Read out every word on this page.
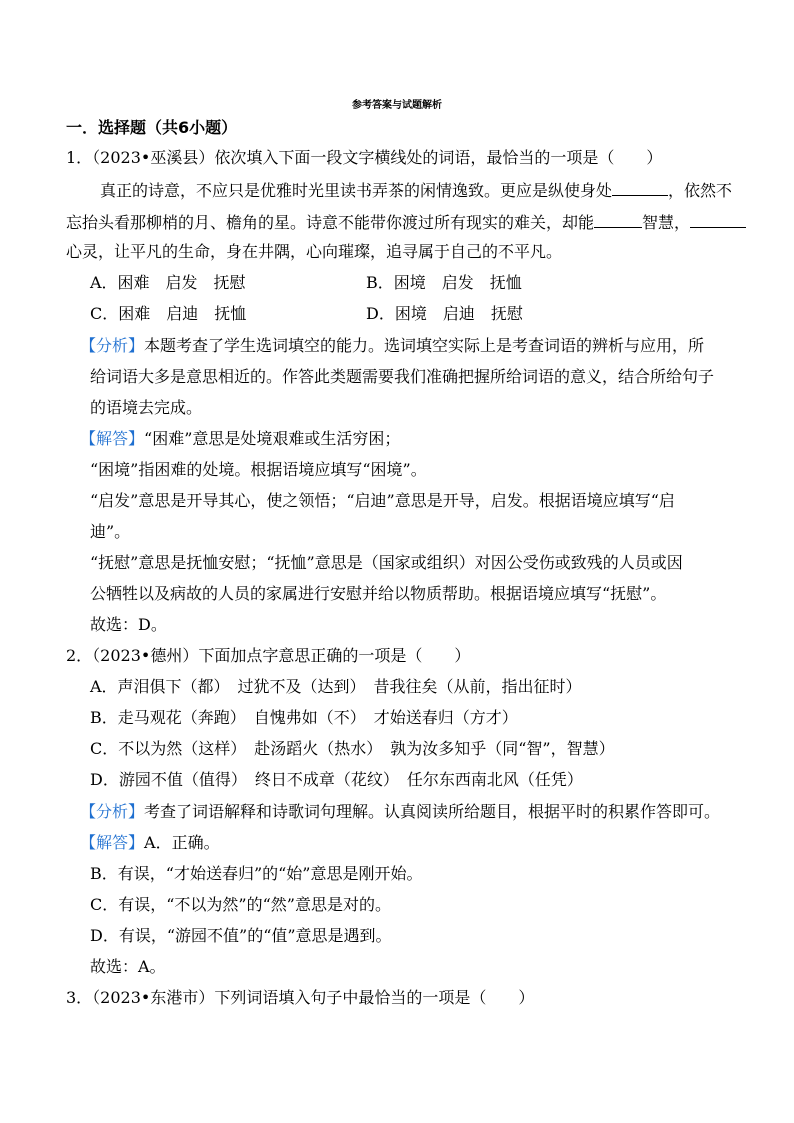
参考答案与试题解析
一．选择题（共6小题）
1．（2023•巫溪县）依次填入下面一段文字横线处的词语，最恰当的一项是（　　）
真正的诗意，不应只是优雅时光里读书弄茶的闲情逸致。更应是纵使身处	，依然不
忘抬头看那柳梢的月、檐角的星。诗意不能带你渡过所有现实的难关，却能	智慧，
心灵，让平凡的生命，身在井隅，心向璀璨，追寻属于自己的不平凡。
A．困难　启发　抚慰	B．困境　启发　抚恤
C．困难　启迪　抚恤	D．困境　启迪　抚慰
【分析】本题考查了学生选词填空的能力。选词填空实际上是考查词语的辨析与应用，所
给词语大多是意思相近的。作答此类题需要我们准确把握所给词语的意义，结合所给句子
的语境去完成。
【解答】“困难”意思是处境艰难或生活穷困；
“困境”指困难的处境。根据语境应填写“困境”。
“启发”意思是开导其心，使之领悟；“启迪”意思是开导，启发。根据语境应填写“启
迪”。
“抚慰”意思是抚恤安慰；“抚恤”意思是（国家或组织）对因公受伤或致残的人员或因
公牺牲以及病故的人员的家属进行安慰并给以物质帮助。根据语境应填写“抚慰”。
故选：D。
2．（2023•德州）下面加点字意思正确的一项是（　　）
A．声泪俱下（都）　过犹不及（达到）　昔我往矣（从前，指出征时）
B．走马观花（奔跑）　自愧弗如（不）　才始送春归（方才）
C．不以为然（这样）　赴汤蹈火（热水）　孰为汝多知乎（同“智”，智慧）
D．游园不值（值得）　终日不成章（花纹）　任尔东西南北风（任凭）
【分析】考查了词语解释和诗歌词句理解。认真阅读所给题目，根据平时的积累作答即可。
【解答】A．正确。
B．有误，“才始送春归”的“始”意思是刚开始。
C．有误，“不以为然”的“然”意思是对的。
D．有误，“游园不值”的“值”意思是遇到。
故选：A。
3．（2023•东港市）下列词语填入句子中最恰当的一项是（　　）
